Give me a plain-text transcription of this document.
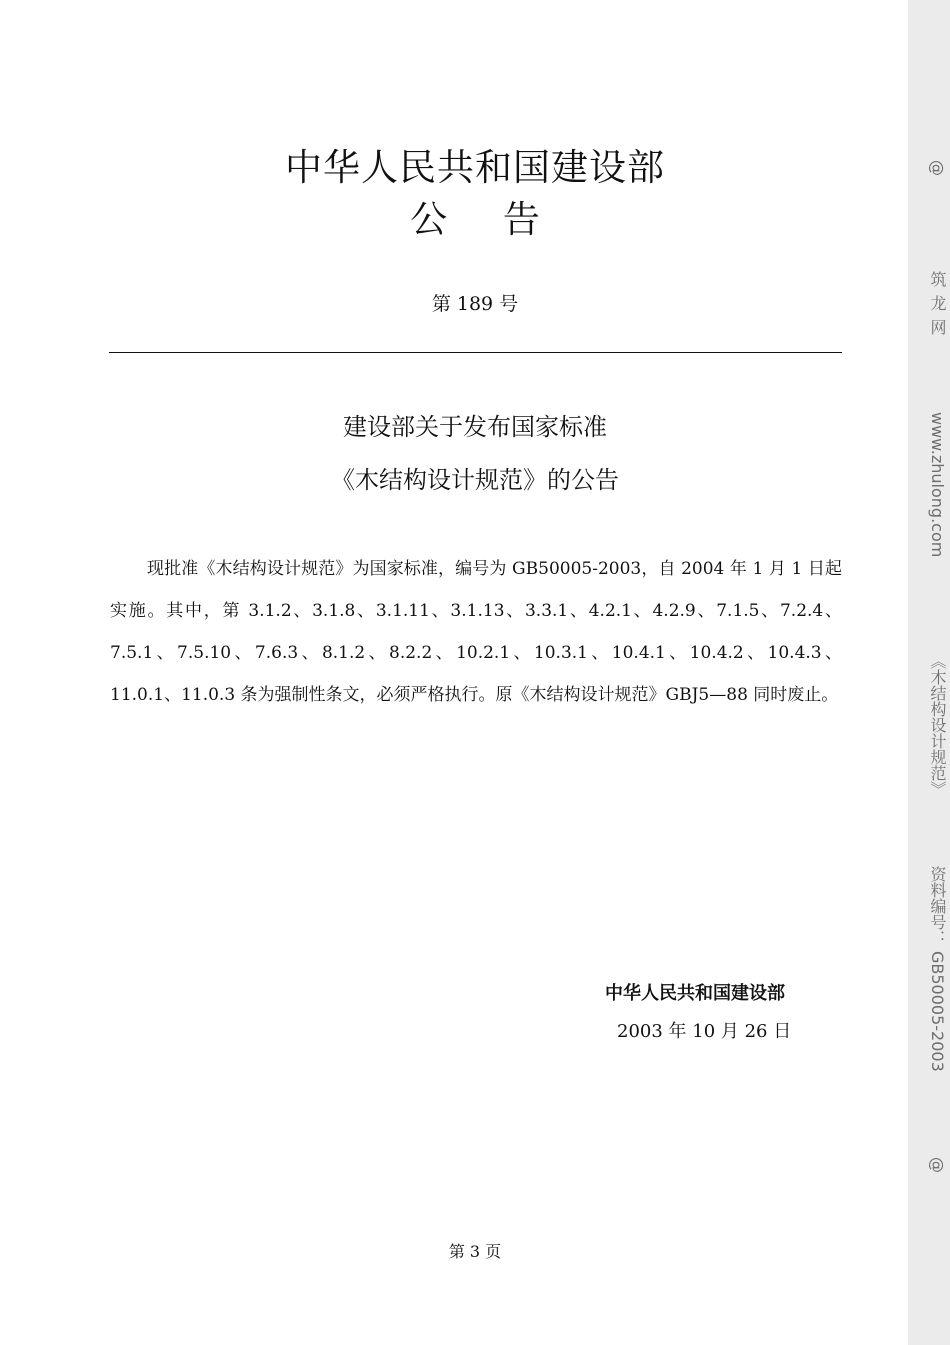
中华人民共和国建设部
公 告
第 189 号
建设部关于发布国家标准
《木结构设计规范》的公告
现批准《木结构设计规范》为国家标准，编号为 GB50005-2003，自 2004 年 1 月 1 日起实施。其中，第 3.1.2、3.1.8、3.1.11、3.1.13、3.3.1、4.2.1、4.2.9、7.1.5、7.2.4、7.5.1、7.5.10、7.6.3、8.1.2、8.2.2、10.2.1、10.3.1、10.4.1、10.4.2、10.4.3、11.0.1、11.0.3 条为强制性条文，必须严格执行。原《木结构设计规范》GBJ5—88 同时废止。
中华人民共和国建设部
2003 年 10 月 26 日
第 3 页
@ 筑龙网 www.zhulong.com 《木结构设计规范》 资料编号： GB50005-2003 @
